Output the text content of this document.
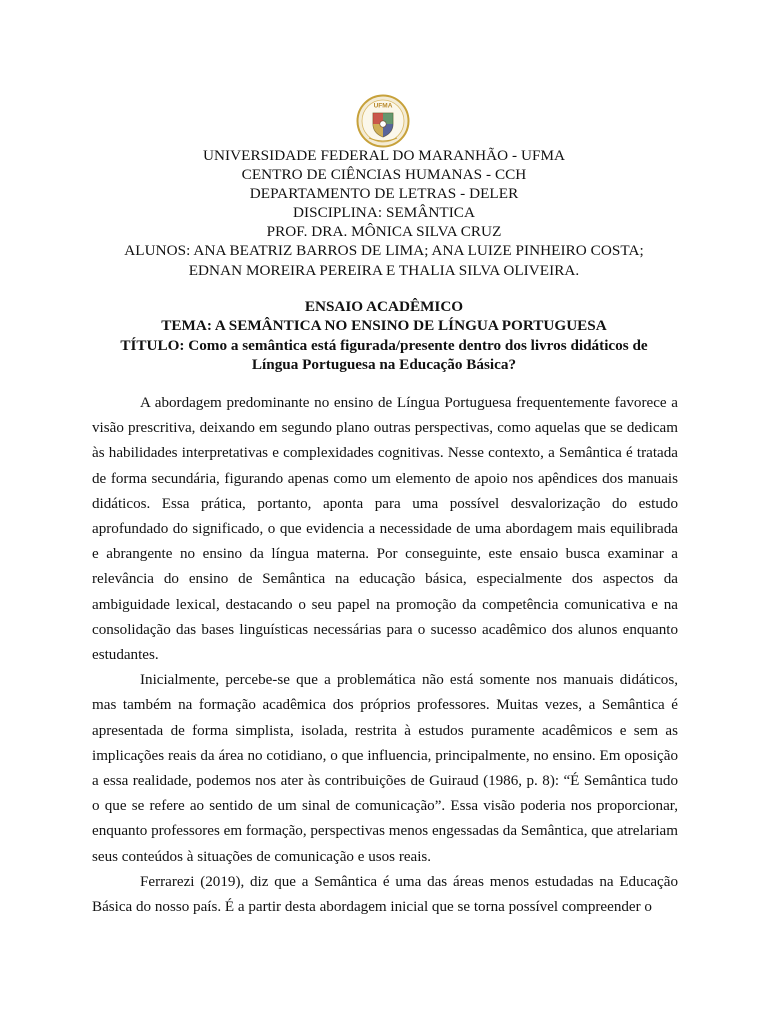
UFMA
UNIVERSIDADE FEDERAL DO MARANHÃO - UFMA
CENTRO DE CIÊNCIAS HUMANAS - CCH
DEPARTAMENTO DE LETRAS - DELER
DISCIPLINA: SEMÂNTICA
PROF. DRA. MÔNICA SILVA CRUZ
ALUNOS: ANA BEATRIZ BARROS DE LIMA; ANA LUIZE PINHEIRO COSTA;
EDNAN MOREIRA PEREIRA E THALIA SILVA OLIVEIRA.
ENSAIO ACADÊMICO
TEMA: A SEMÂNTICA NO ENSINO DE LÍNGUA PORTUGUESA
TÍTULO: Como a semântica está figurada/presente dentro dos livros didáticos de
Língua Portuguesa na Educação Básica?

A abordagem predominante no ensino de Língua Portuguesa frequentemente favorece a visão prescritiva, deixando em segundo plano outras perspectivas, como aquelas que se dedicam às habilidades interpretativas e complexidades cognitivas. Nesse contexto, a Semântica é tratada de forma secundária, figurando apenas como um elemento de apoio nos apêndices dos manuais didáticos. Essa prática, portanto, aponta para uma possível desvalorização do estudo aprofundado do significado, o que evidencia a necessidade de uma abordagem mais equilibrada e abrangente no ensino da língua materna. Por conseguinte, este ensaio busca examinar a relevância do ensino de Semântica na educação básica, especialmente dos aspectos da ambiguidade lexical, destacando o seu papel na promoção da competência comunicativa e na consolidação das bases linguísticas necessárias para o sucesso acadêmico dos alunos enquanto estudantes.

Inicialmente, percebe-se que a problemática não está somente nos manuais didáticos, mas também na formação acadêmica dos próprios professores. Muitas vezes, a Semântica é apresentada de forma simplista, isolada, restrita à estudos puramente acadêmicos e sem as implicações reais da área no cotidiano, o que influencia, principalmente, no ensino. Em oposição a essa realidade, podemos nos ater às contribuições de Guiraud (1986, p. 8): “É Semântica tudo o que se refere ao sentido de um sinal de comunicação”. Essa visão poderia nos proporcionar, enquanto professores em formação, perspectivas menos engessadas da Semântica, que atrelariam seus conteúdos à situações de comunicação e usos reais.

Ferrarezi (2019), diz que a Semântica é uma das áreas menos estudadas na Educação Básica do nosso país. É a partir desta abordagem inicial que se torna possível compreender o
